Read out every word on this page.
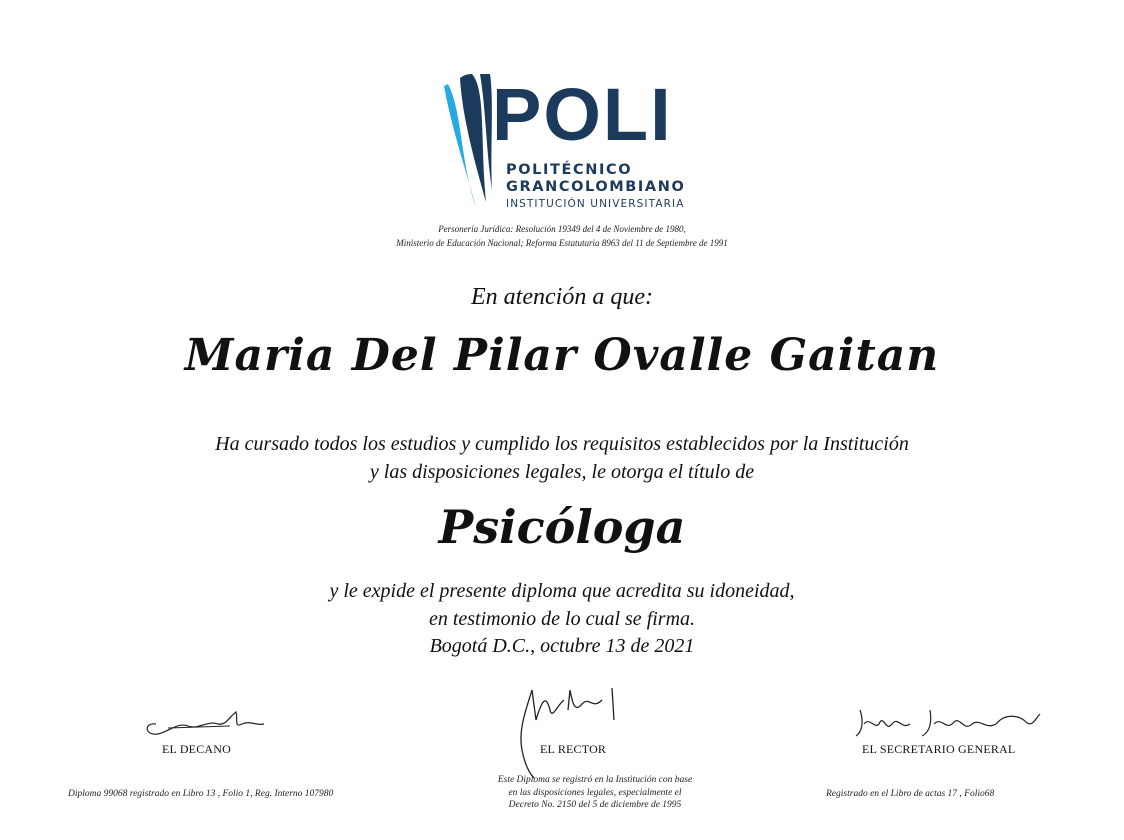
POLI
POLITÉCNICO
GRANCOLOMBIANO
INSTITUCIÓN UNIVERSITARIA
Personería Jurídica: Resolución 19349 del 4 de Noviembre de 1980,
Ministerio de Educación Nacional; Reforma Estatutaria 8963 del 11 de Septiembre de 1991
En atención a que:
Maria Del Pilar Ovalle Gaitan
Ha cursado todos los estudios y cumplido los requisitos establecidos por la Institución
y las disposiciones legales, le otorga el título de
Psicóloga
y le expide el presente diploma que acredita su idoneidad,
en testimonio de lo cual se firma.
Bogotá D.C., octubre 13 de 2021
EL DECANO	EL RECTOR	EL SECRETARIO GENERAL
Diploma 99068 registrado en Libro 13 , Folio 1, Reg. Interno 107980
Este Diploma se registró en la Institución con base
en las disposiciones legales, especialmente el
Decreto No. 2150 del 5 de diciembre de 1995
Registrado en el Libro de actas 17 , Folio68
